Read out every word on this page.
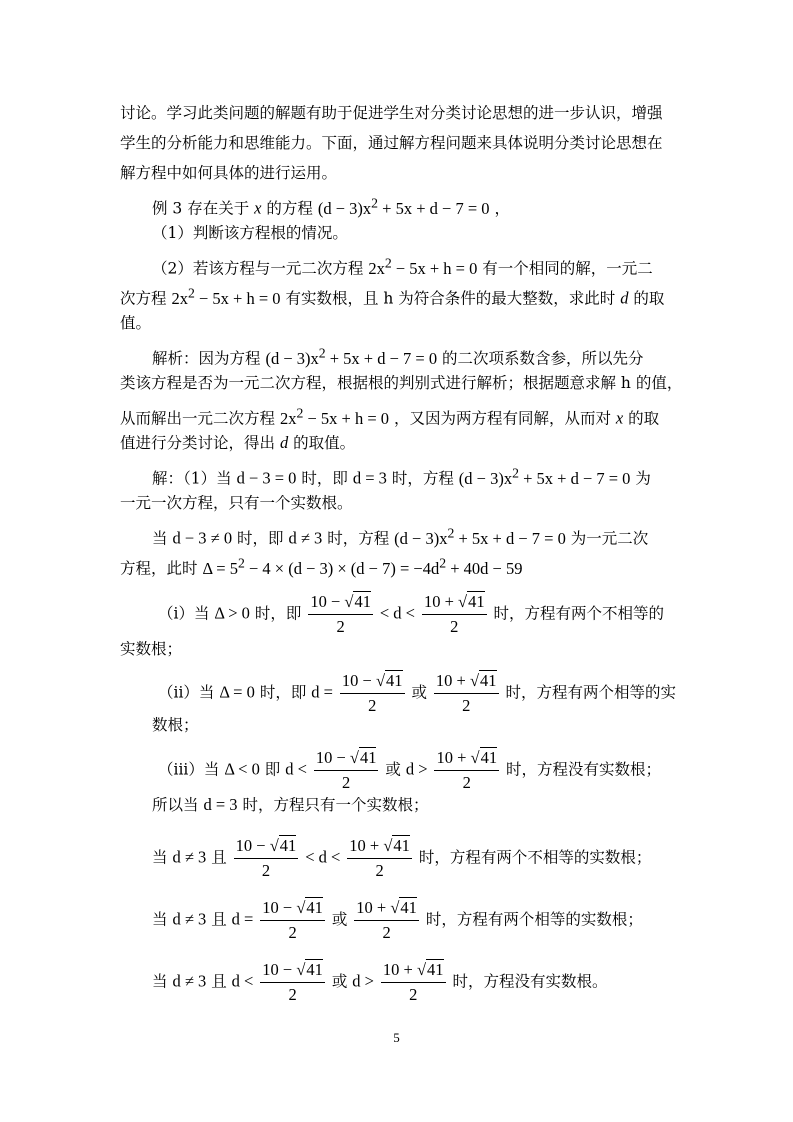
讨论。学习此类问题的解题有助于促进学生对分类讨论思想的进一步认识，增强
学生的分析能力和思维能力。下面，通过解方程问题来具体说明分类讨论思想在
解方程中如何具体的进行运用。
例 3 存在关于 x 的方程 $(d - 3)x^2 + 5x + d - 7 = 0$ ，
（1）判断该方程根的情况。
（2）若该方程与一元二次方程 $2x^2 - 5x + h = 0$ 有一个相同的解，一元二
次方程 $2x^2 - 5x + h = 0$ 有实数根，且 h 为符合条件的最大整数，求此时 d 的取
值。
解析：因为方程 $(d - 3)x^2 + 5x + d - 7 = 0$ 的二次项系数含参，所以先分
类该方程是否为一元二次方程，根据根的判别式进行解析；根据题意求解 h 的值，
从而解出一元二次方程 $2x^2 - 5x + h = 0$ ，又因为两方程有同解，从而对 x 的取
值进行分类讨论，得出 d 的取值。
解：（1）当 d − 3 = 0 时，即 d = 3 时，方程 $(d - 3)x^2 + 5x + d - 7 = 0$ 为
一元一次方程，只有一个实数根。
当 d − 3 ≠ 0 时，即 d ≠ 3 时，方程 $(d - 3)x^2 + 5x + d - 7 = 0$ 为一元二次
方程，此时 $\Delta = 5^2 - 4 \times (d - 3) \times (d - 7) = -4d^2 + 40d - 59$
（i）当 Δ > 0 时，即 $\frac{10 - √41}{2} < d < \frac{10 + √41}{2}$ 时，方程有两个不相等的
实数根；
（ii）当 Δ = 0 时，即 $d = \frac{10 - √41}{2}$ 或 $\frac{10 + √41}{2}$ 时，方程有两个相等的实
数根；
（iii）当 Δ < 0 即 $d < \frac{10 - √41}{2}$ 或 $d > \frac{10 + √41}{2}$ 时，方程没有实数根；
所以当 d = 3 时，方程只有一个实数根；
当 d ≠ 3 且 $\frac{10 - √41}{2} < d < \frac{10 + √41}{2}$ 时，方程有两个不相等的实数根；
当 d ≠ 3 且 $d = \frac{10 - √41}{2}$ 或 $\frac{10 + √41}{2}$ 时，方程有两个相等的实数根；
当 d ≠ 3 且 $d < \frac{10 - √41}{2}$ 或 $d > \frac{10 + √41}{2}$ 时，方程没有实数根。
5
